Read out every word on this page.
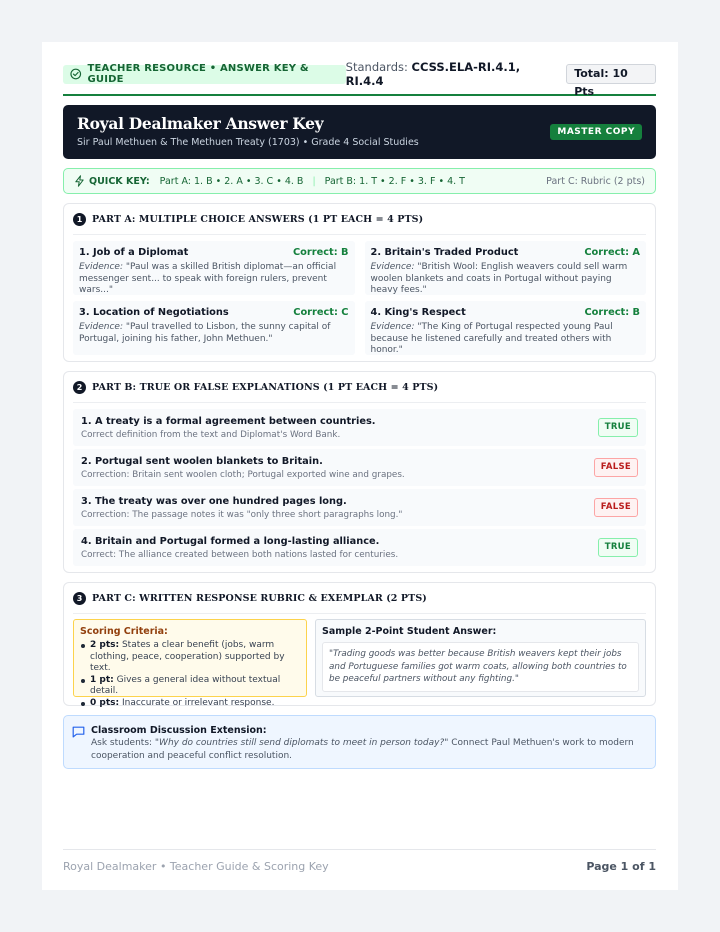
TEACHER RESOURCE • ANSWER KEY & GUIDE
Standards: CCSS.ELA-RI.4.1, RI.4.4
Total: 10 Pts
Royal Dealmaker Answer Key
Sir Paul Methuen & The Methuen Treaty (1703) • Grade 4 Social Studies
MASTER COPY
QUICK KEY: Part A: 1. B • 2. A • 3. C • 4. B | Part B: 1. T • 2. F • 3. F • 4. T	Part C: Rubric (2 pts)
1	PART A: MULTIPLE CHOICE ANSWERS (1 PT EACH = 4 PTS)
1. Job of a Diplomat	Correct: B
Evidence: "Paul was a skilled British diplomat—an official messenger sent... to speak with foreign rulers, prevent wars..."
2. Britain's Traded Product	Correct: A
Evidence: "British Wool: English weavers could sell warm woolen blankets and coats in Portugal without paying heavy fees."
3. Location of Negotiations	Correct: C
Evidence: "Paul travelled to Lisbon, the sunny capital of Portugal, joining his father, John Methuen."
4. King's Respect	Correct: B
Evidence: "The King of Portugal respected young Paul because he listened carefully and treated others with honor."
2	PART B: TRUE OR FALSE EXPLANATIONS (1 PT EACH = 4 PTS)
1. A treaty is a formal agreement between countries.
Correct definition from the text and Diplomat's Word Bank.
TRUE
2. Portugal sent woolen blankets to Britain.
Correction: Britain sent woolen cloth; Portugal exported wine and grapes.
FALSE
3. The treaty was over one hundred pages long.
Correction: The passage notes it was "only three short paragraphs long."
FALSE
4. Britain and Portugal formed a long-lasting alliance.
Correct: The alliance created between both nations lasted for centuries.
TRUE
3	PART C: WRITTEN RESPONSE RUBRIC & EXEMPLAR (2 PTS)
Scoring Criteria:
2 pts: States a clear benefit (jobs, warm clothing, peace, cooperation) supported by text.
1 pt: Gives a general idea without textual detail.
0 pts: Inaccurate or irrelevant response.
Sample 2-Point Student Answer:
"Trading goods was better because British weavers kept their jobs and Portuguese families got warm coats, allowing both countries to be peaceful partners without any fighting."
Classroom Discussion Extension:
Ask students: "Why do countries still send diplomats to meet in person today?" Connect Paul Methuen's work to modern cooperation and peaceful conflict resolution.
Royal Dealmaker • Teacher Guide & Scoring Key	Page 1 of 1
